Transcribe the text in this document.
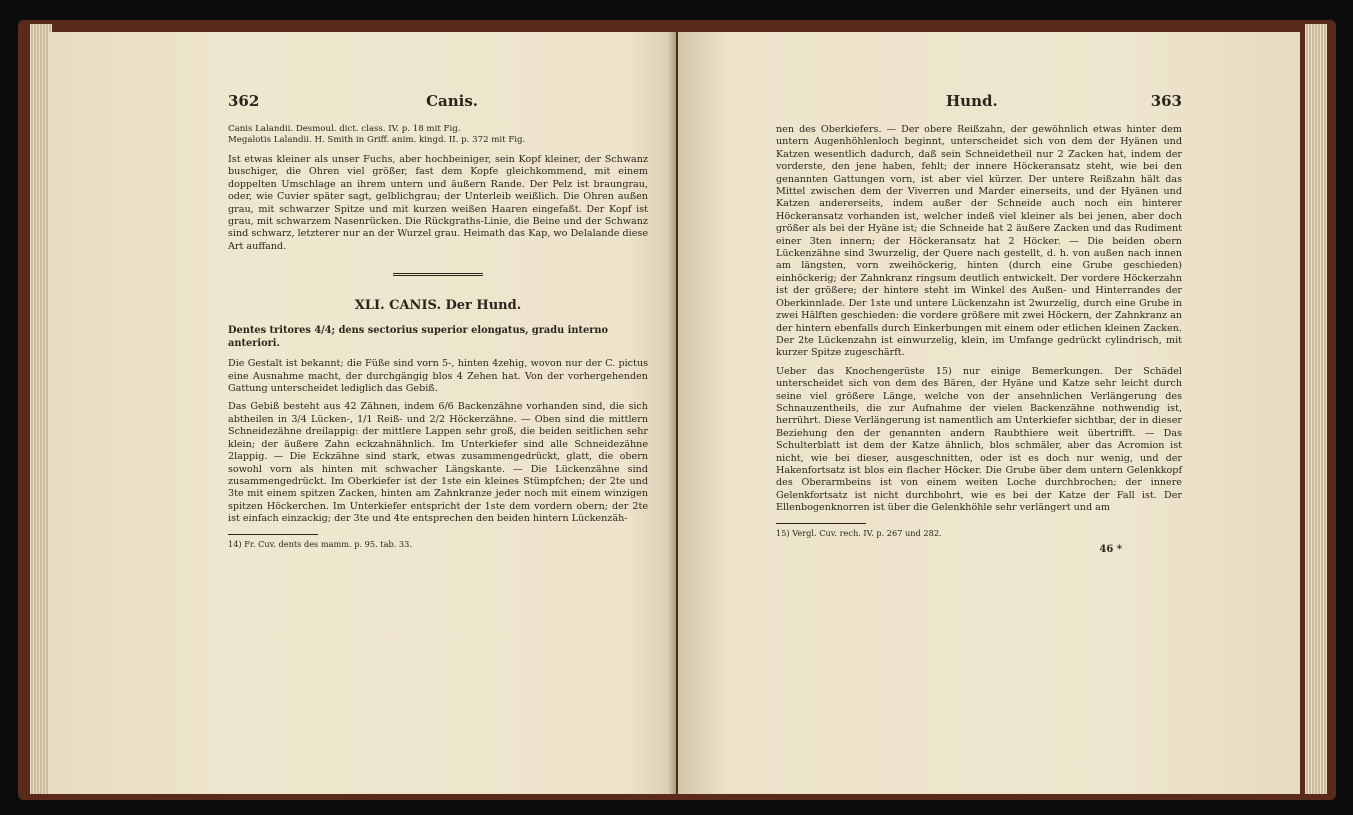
362	Canis.

Canis Lalandii. Desmoul. dict. class. IV. p. 18 mit Fig.

Megalotis Lalandii. H. Smith in Griff. anim. kingd. II. p. 372 mit Fig.

Ist etwas kleiner als unser Fuchs, aber hochbeiniger, sein Kopf kleiner, der Schwanz buschiger, die Ohren viel größer, fast dem Kopfe gleichkommend, mit einem doppelten Umschlage an ihrem untern und äußern Rande. Der Pelz ist braungrau, oder, wie Cuvier später sagt, gelblichgrau; der Unterleib weißlich. Die Ohren außen grau, mit schwarzer Spitze und mit kurzen weißen Haaren eingefaßt. Der Kopf ist grau, mit schwarzem Nasenrücken. Die Rückgraths-Linie, die Beine und der Schwanz sind schwarz, letzterer nur an der Wurzel grau. Heimath das Kap, wo Delalande diese Art auffand.

XLI. CANIS. Der Hund.
Dentes tritores 4/4; dens sectorius superior elongatus, gradu interno anteriori.

Die Gestalt ist bekannt; die Füße sind vorn 5-, hinten 4zehig, wovon nur der C. pictus eine Ausnahme macht, der durchgängig blos 4 Zehen hat. Von der vorhergehenden Gattung unterscheidet lediglich das Gebiß.

Das Gebiß besteht aus 42 Zähnen, indem 6/6 Backenzähne vorhanden sind, die sich abtheilen in 3/4 Lücken-, 1/1 Reiß- und 2/2 Höckerzähne. — Oben sind die mittlern Schneidezähne dreilappig: der mittlere Lappen sehr groß, die beiden seitlichen sehr klein; der äußere Zahn eckzahnähnlich. Im Unterkiefer sind alle Schneidezähne 2lappig. — Die Eckzähne sind stark, etwas zusammengedrückt, glatt, die obern sowohl vorn als hinten mit schwacher Längskante. — Die Lückenzähne sind zusammengedrückt. Im Oberkiefer ist der 1ste ein kleines Stümpfchen; der 2te und 3te mit einem spitzen Zacken, hinten am Zahnkranze jeder noch mit einem winzigen spitzen Höckerchen. Im Unterkiefer entspricht der 1ste dem vordern obern; der 2te ist einfach einzackig; der 3te und 4te entsprechen den beiden hintern Lückenzäh-

14) Fr. Cuv. dents des mamm. p. 95. tab. 33.
Hund.	363

nen des Oberkiefers. — Der obere Reißzahn, der gewöhnlich etwas hinter dem untern Augenhöhlenloch beginnt, unterscheidet sich von dem der Hyänen und Katzen wesentlich dadurch, daß sein Schneidetheil nur 2 Zacken hat, indem der vorderste, den jene haben, fehlt; der innere Höckeransatz steht, wie bei den genannten Gattungen vorn, ist aber viel kürzer. Der untere Reißzahn hält das Mittel zwischen dem der Viverren und Marder einerseits, und der Hyänen und Katzen andererseits, indem außer der Schneide auch noch ein hinterer Höckeransatz vorhanden ist, welcher indeß viel kleiner als bei jenen, aber doch größer als bei der Hyäne ist; die Schneide hat 2 äußere Zacken und das Rudiment einer 3ten innern; der Höckeransatz hat 2 Höcker. — Die beiden obern Lückenzähne sind 3wurzelig, der Quere nach gestellt, d. h. von außen nach innen am längsten, vorn zweihöckerig, hinten (durch eine Grube geschieden) einhöckerig; der Zahnkranz ringsum deutlich entwickelt. Der vordere Höckerzahn ist der größere; der hintere steht im Winkel des Außen- und Hinterrandes der Oberkinnlade. Der 1ste und untere Lückenzahn ist 2wurzelig, durch eine Grube in zwei Hälften geschieden: die vordere größere mit zwei Höckern, der Zahnkranz an der hintern ebenfalls durch Einkerbungen mit einem oder etlichen kleinen Zacken. Der 2te Lückenzahn ist einwurzelig, klein, im Umfange gedrückt cylindrisch, mit kurzer Spitze zugeschärft.

Ueber das Knochengerüste 15) nur einige Bemerkungen. Der Schädel unterscheidet sich von dem des Bären, der Hyäne und Katze sehr leicht durch seine viel größere Länge, welche von der ansehnlichen Verlängerung des Schnauzentheils, die zur Aufnahme der vielen Backenzähne nothwendig ist, herrührt. Diese Verlängerung ist namentlich am Unterkiefer sichtbar, der in dieser Beziehung den der genannten andern Raubthiere weit übertrifft. — Das Schulterblatt ist dem der Katze ähnlich, blos schmäler, aber das Acromion ist nicht, wie bei dieser, ausgeschnitten, oder ist es doch nur wenig, und der Hakenfortsatz ist blos ein flacher Höcker. Die Grube über dem untern Gelenkkopf des Oberarmbeins ist von einem weiten Loche durchbrochen; der innere Gelenkfortsatz ist nicht durchbohrt, wie es bei der Katze der Fall ist. Der Ellenbogenknorren ist über die Gelenkhöhle sehr verlängert und am

15) Vergl. Cuv. rech. IV. p. 267 und 282.
46 *
